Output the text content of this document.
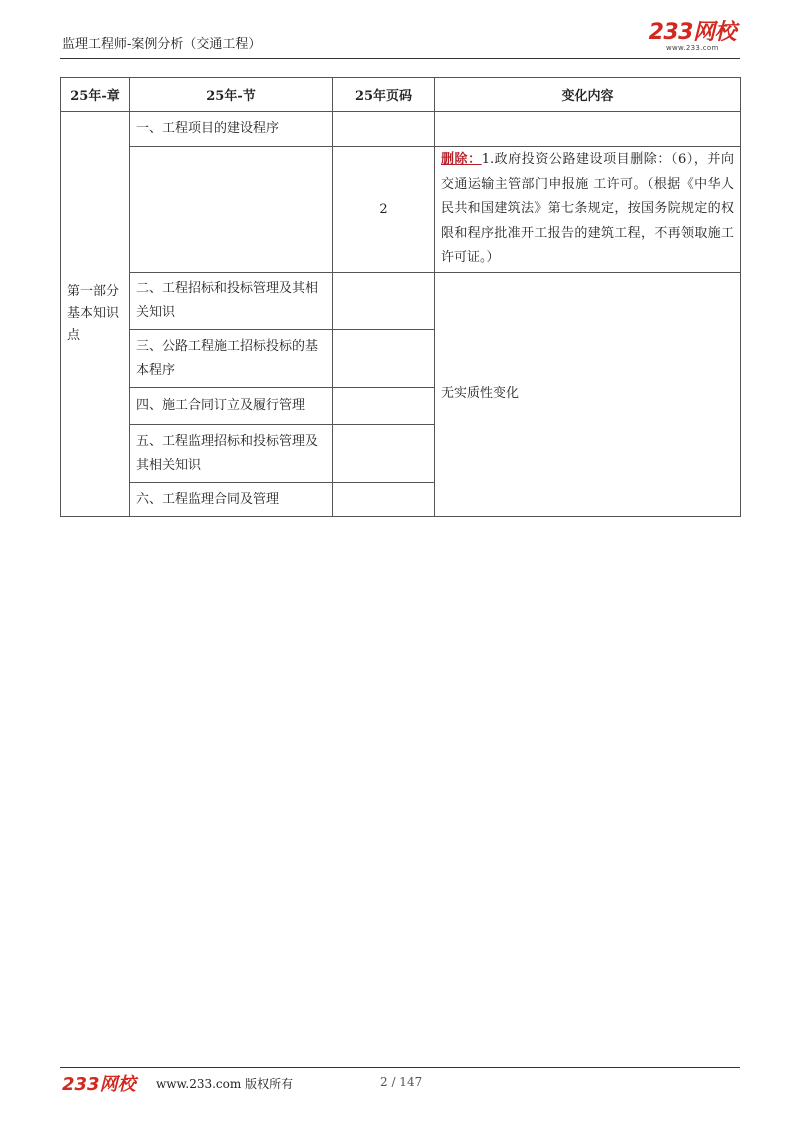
监理工程师-案例分析（交通工程）	233网校
www.233.com
25年-章	25年-节	25年页码	变化内容
第一部分基本知识点	一、工程项目的建设程序		
		2	删除：1.政府投资公路建设项目删除：（6），并向交通运输主管部门申报施 工许可。（根据《中华人民共和国建筑法》第七条规定，按国务院规定的权限和程序批准开工报告的建筑工程，不再领取施工许可证。）
	二、工程招标和投标管理及其相关知识		无实质性变化
	三、公路工程施工招标投标的基本程序		
	四、施工合同订立及履行管理		
	五、工程监理招标和投标管理及其相关知识		
	六、工程监理合同及管理		
233网校 www.233.com 版权所有	2 / 147
